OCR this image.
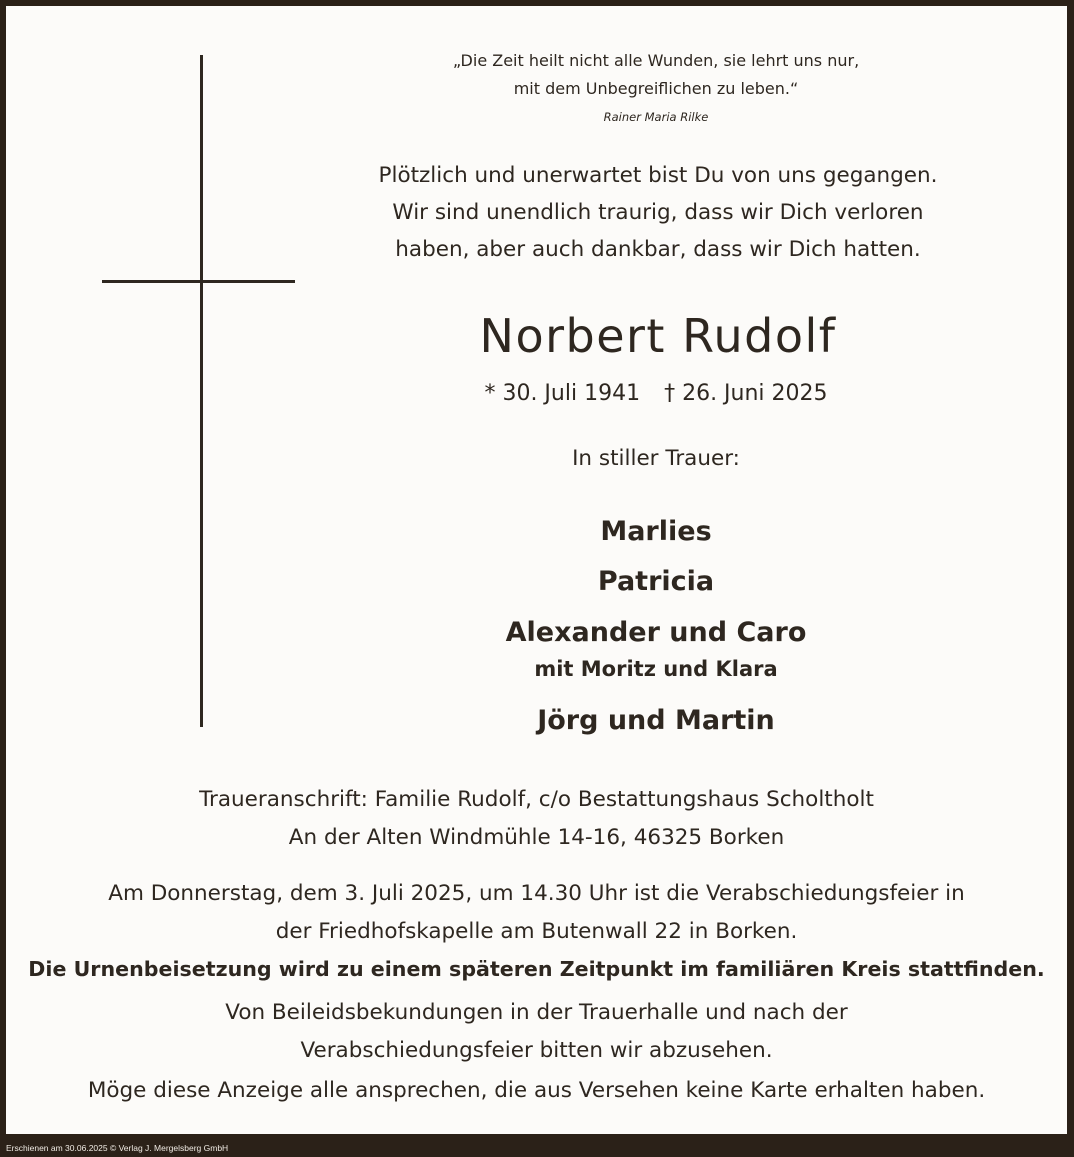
„Die Zeit heilt nicht alle Wunden, sie lehrt uns nur,
mit dem Unbegreiflichen zu leben.“
Rainer Maria Rilke
Plötzlich und unerwartet bist Du von uns gegangen.
Wir sind unendlich traurig, dass wir Dich verloren
haben, aber auch dankbar, dass wir Dich hatten.
Norbert Rudolf
* 30. Juli 1941 † 26. Juni 2025
In stiller Trauer:
Marlies
Patricia
Alexander und Caro
mit Moritz und Klara
Jörg und Martin
Traueranschrift: Familie Rudolf, c/o Bestattungshaus Scholtholt
An der Alten Windmühle 14-16, 46325 Borken
Am Donnerstag, dem 3. Juli 2025, um 14.30 Uhr ist die Verabschiedungsfeier in
der Friedhofskapelle am Butenwall 22 in Borken.
Die Urnenbeisetzung wird zu einem späteren Zeitpunkt im familiären Kreis stattfinden.
Von Beileidsbekundungen in der Trauerhalle und nach der
Verabschiedungsfeier bitten wir abzusehen.
Möge diese Anzeige alle ansprechen, die aus Versehen keine Karte erhalten haben.
Erschienen am 30.06.2025 © Verlag J. Mergelsberg GmbH
